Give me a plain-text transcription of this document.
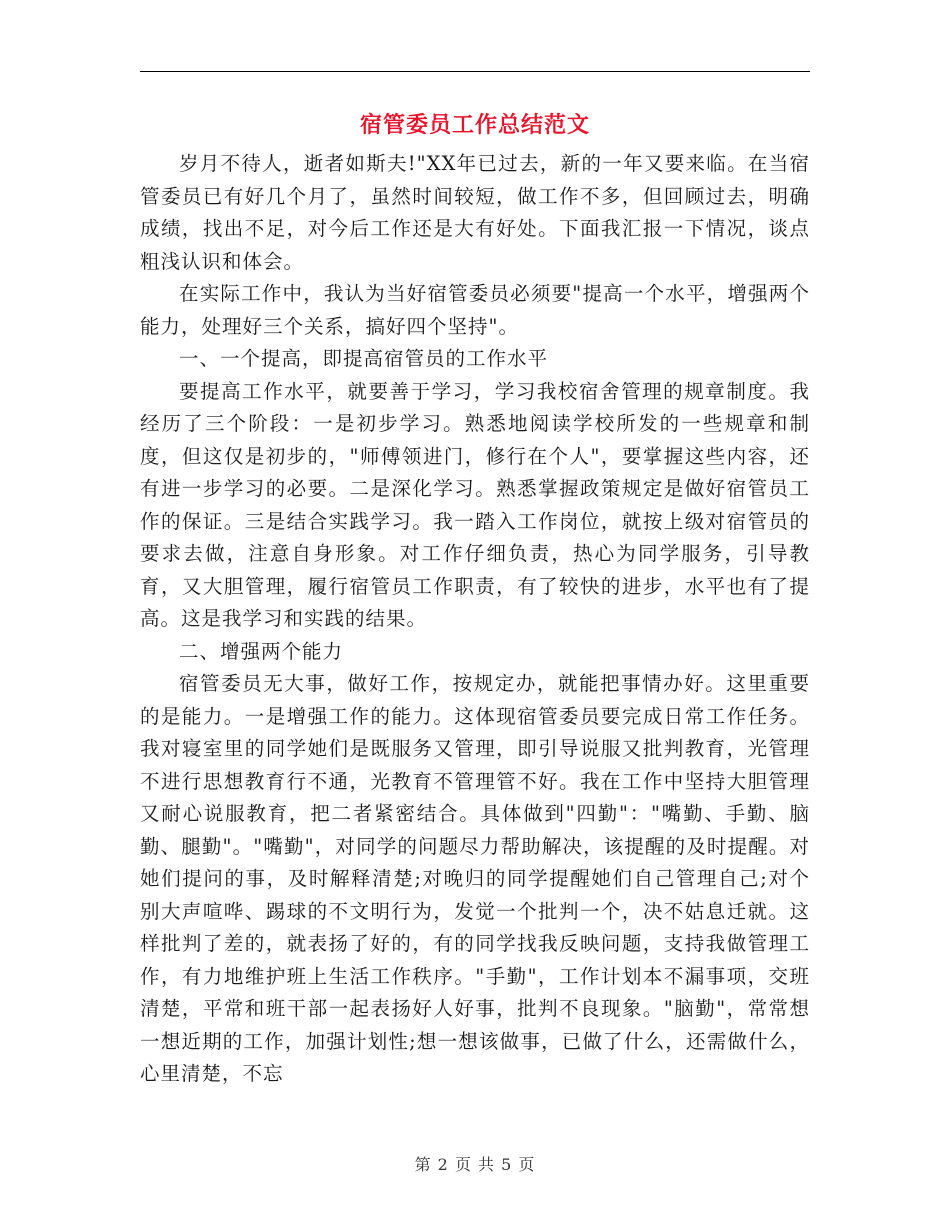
宿管委员工作总结范文

岁月不待人，逝者如斯夫!"XX年已过去，新的一年又要来临。在当宿管委员已有好几个月了，虽然时间较短，做工作不多，但回顾过去，明确成绩，找出不足，对今后工作还是大有好处。下面我汇报一下情况，谈点粗浅认识和体会。

在实际工作中，我认为当好宿管委员必须要"提高一个水平，增强两个能力，处理好三个关系，搞好四个坚持"。

一、一个提高，即提高宿管员的工作水平

要提高工作水平，就要善于学习，学习我校宿舍管理的规章制度。我经历了三个阶段：一是初步学习。熟悉地阅读学校所发的一些规章和制度，但这仅是初步的，"师傅领进门，修行在个人"，要掌握这些内容，还有进一步学习的必要。二是深化学习。熟悉掌握政策规定是做好宿管员工作的保证。三是结合实践学习。我一踏入工作岗位，就按上级对宿管员的要求去做，注意自身形象。对工作仔细负责，热心为同学服务，引导教育，又大胆管理，履行宿管员工作职责，有了较快的进步，水平也有了提高。这是我学习和实践的结果。

二、增强两个能力

宿管委员无大事，做好工作，按规定办，就能把事情办好。这里重要的是能力。一是增强工作的能力。这体现宿管委员要完成日常工作任务。我对寝室里的同学她们是既服务又管理，即引导说服又批判教育，光管理不进行思想教育行不通，光教育不管理管不好。我在工作中坚持大胆管理又耐心说服教育，把二者紧密结合。具体做到"四勤"："嘴勤、手勤、脑勤、腿勤"。"嘴勤"，对同学的问题尽力帮助解决，该提醒的及时提醒。对她们提问的事，及时解释清楚;对晚归的同学提醒她们自己管理自己;对个别大声喧哗、踢球的不文明行为，发觉一个批判一个，决不姑息迁就。这样批判了差的，就表扬了好的，有的同学找我反映问题，支持我做管理工作，有力地维护班上生活工作秩序。"手勤"，工作计划本不漏事项，交班清楚，平常和班干部一起表扬好人好事，批判不良现象。"脑勤"，常常想一想近期的工作，加强计划性;想一想该做事，已做了什么，还需做什么，心里清楚，不忘

第 2 页 共 5 页
